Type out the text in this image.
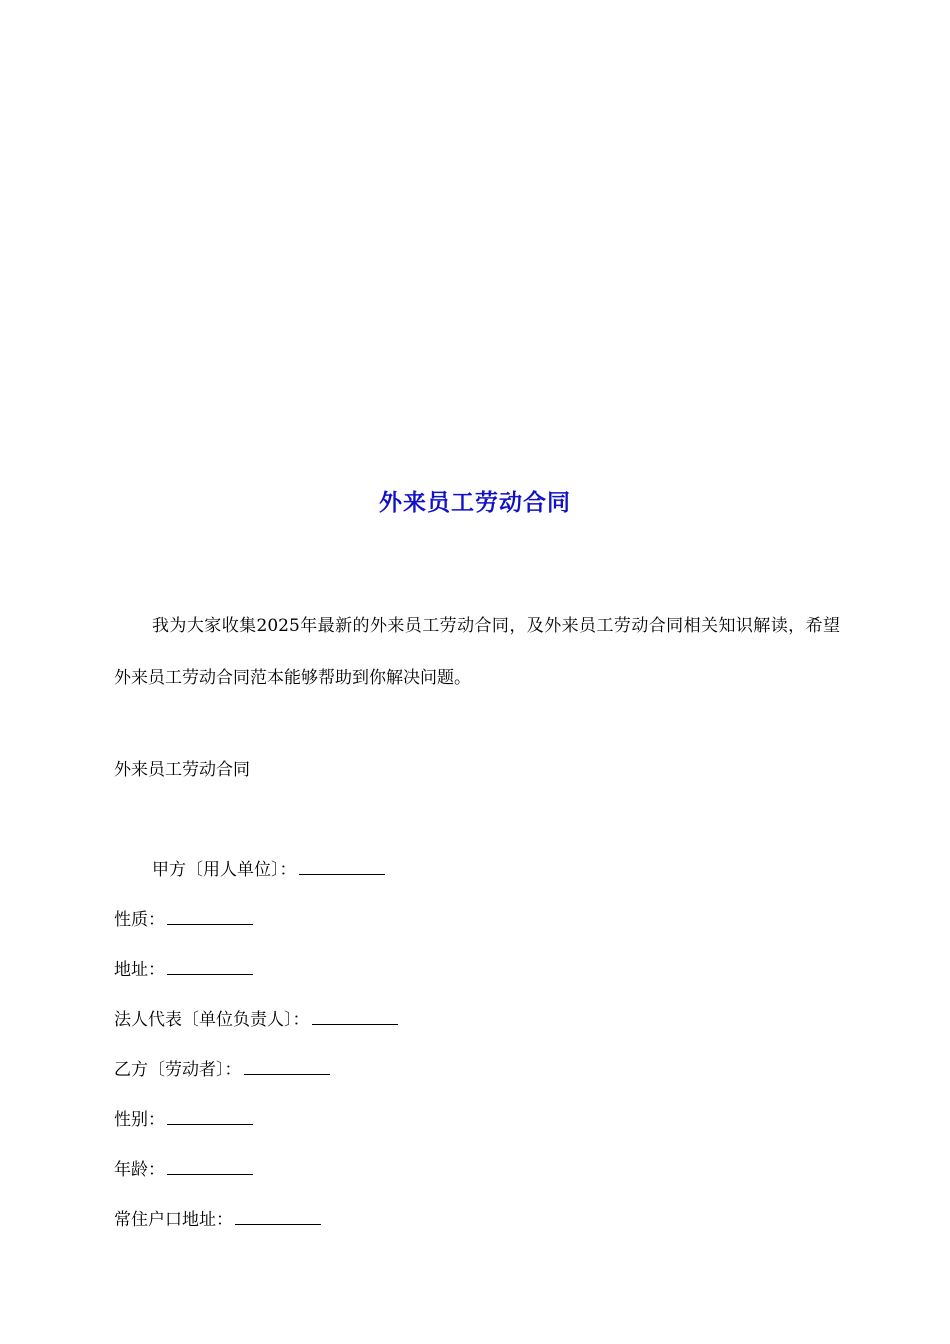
外来员工劳动合同
我为大家收集2025年最新的外来员工劳动合同，及外来员工劳动合同相关知识解读，希望外来员工劳动合同范本能够帮助到你解决问题。
外来员工劳动合同
甲方〔用人单位〕：
性质：
地址：
法人代表〔单位负责人〕：
乙方〔劳动者〕：
性别：
年龄：
常住户口地址：
